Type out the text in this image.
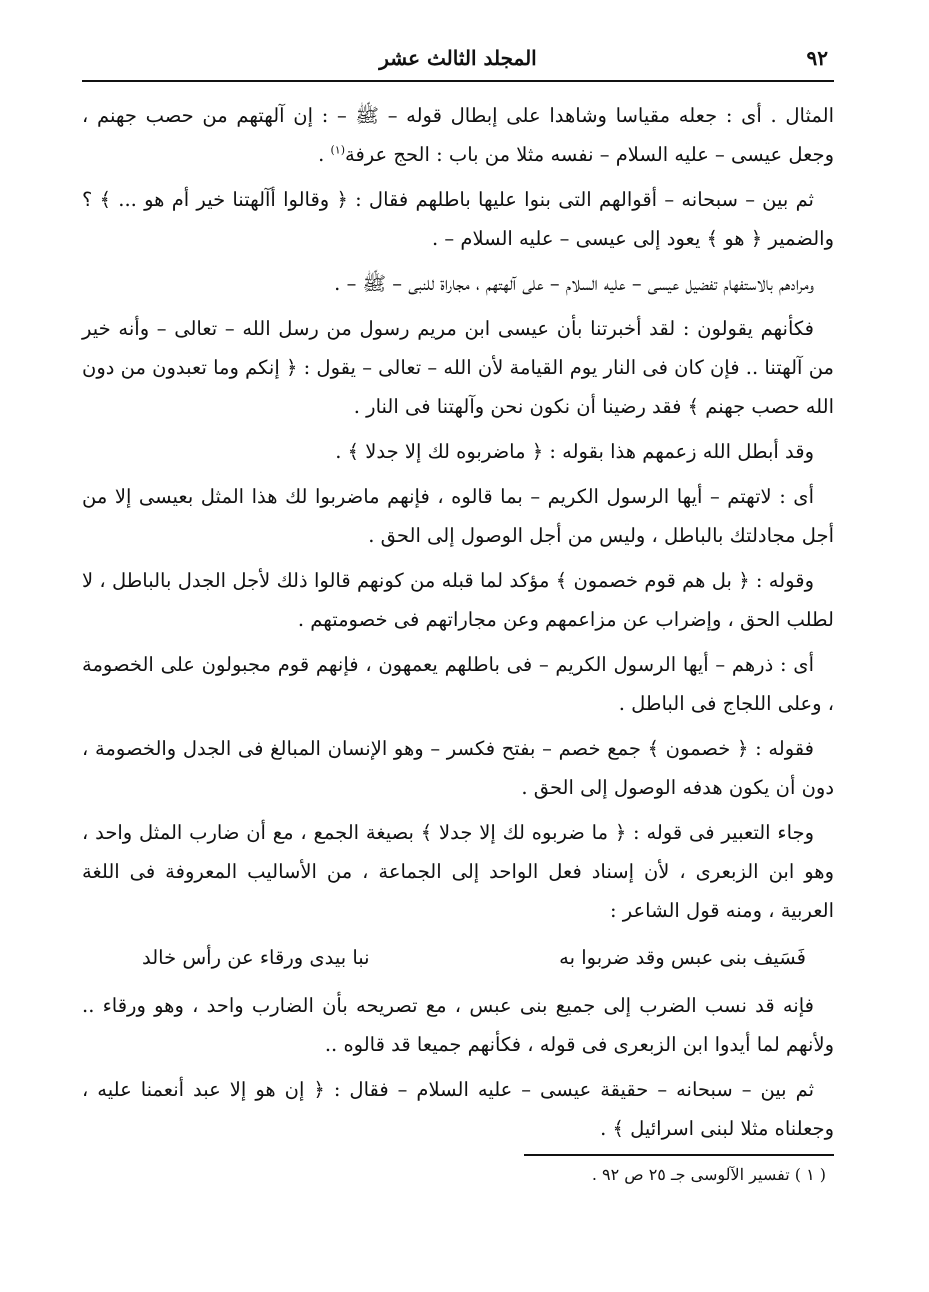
٩٢
المجلد الثالث عشر

المثال . أى : جعله مقياسا وشاهدا على إبطال قوله – ﷺ – : إن آلهتهم من حصب جهنم ، وجعل عيسى – عليه السلام – نفسه مثلا من باب : الحج عرفة$^{(١)}$ .

ثم بين – سبحانه – أقوالهم التى بنوا عليها باطلهم فقال : ﴿ وقالوا أآلهتنا خير أم هو ... ﴾ ؟ والضمير ﴿ هو ﴾ يعود إلى عيسى – عليه السلام – .

ومرادهم بالاستفهام تفضيل عيسى – عليه السلام – على آلهتهم ، مجاراة للنبى – ﷺ – .

فكأنهم يقولون : لقد أخبرتنا بأن عيسى ابن مريم رسول من رسل الله – تعالى – وأنه خير من آلهتنا .. فإن كان فى النار يوم القيامة لأن الله – تعالى – يقول : ﴿ إنكم وما تعبدون من دون الله حصب جهنم ﴾ فقد رضينا أن نكون نحن وآلهتنا فى النار .

وقد أبطل الله زعمهم هذا بقوله : ﴿ ماضربوه لك إلا جدلا ﴾ .

أى : لاتهتم – أيها الرسول الكريم – بما قالوه ، فإنهم ماضربوا لك هذا المثل بعيسى إلا من أجل مجادلتك بالباطل ، وليس من أجل الوصول إلى الحق .

وقوله : ﴿ بل هم قوم خصمون ﴾ مؤكد لما قبله من كونهم قالوا ذلك لأجل الجدل بالباطل ، لا لطلب الحق ، وإضراب عن مزاعمهم وعن مجاراتهم فى خصومتهم .

أى : ذرهم – أيها الرسول الكريم – فى باطلهم يعمهون ، فإنهم قوم مجبولون على الخصومة ، وعلى اللجاج فى الباطل .

فقوله : ﴿ خصمون ﴾ جمع خصم – بفتح فكسر – وهو الإنسان المبالغ فى الجدل والخصومة ، دون أن يكون هدفه الوصول إلى الحق .

وجاء التعبير فى قوله : ﴿ ما ضربوه لك إلا جدلا ﴾ بصيغة الجمع ، مع أن ضارب المثل واحد ، وهو ابن الزبعرى ، لأن إسناد فعل الواحد إلى الجماعة ، من الأساليب المعروفة فى اللغة العربية ، ومنه قول الشاعر :

فَسَيف بنى عبس وقد ضربوا به
نبا بيدى ورقاء عن رأس خالد

فإنه قد نسب الضرب إلى جميع بنى عبس ، مع تصريحه بأن الضارب واحد ، وهو ورقاء .. ولأنهم لما أيدوا ابن الزبعرى فى قوله ، فكأنهم جميعا قد قالوه ..

ثم بين – سبحانه – حقيقة عيسى – عليه السلام – فقال : ﴿ إن هو إلا عبد أنعمنا عليه ، وجعلناه مثلا لبنى اسرائيل ﴾ .

( ١ ) تفسير الآلوسى جـ ٢٥ ص ٩٢ .
